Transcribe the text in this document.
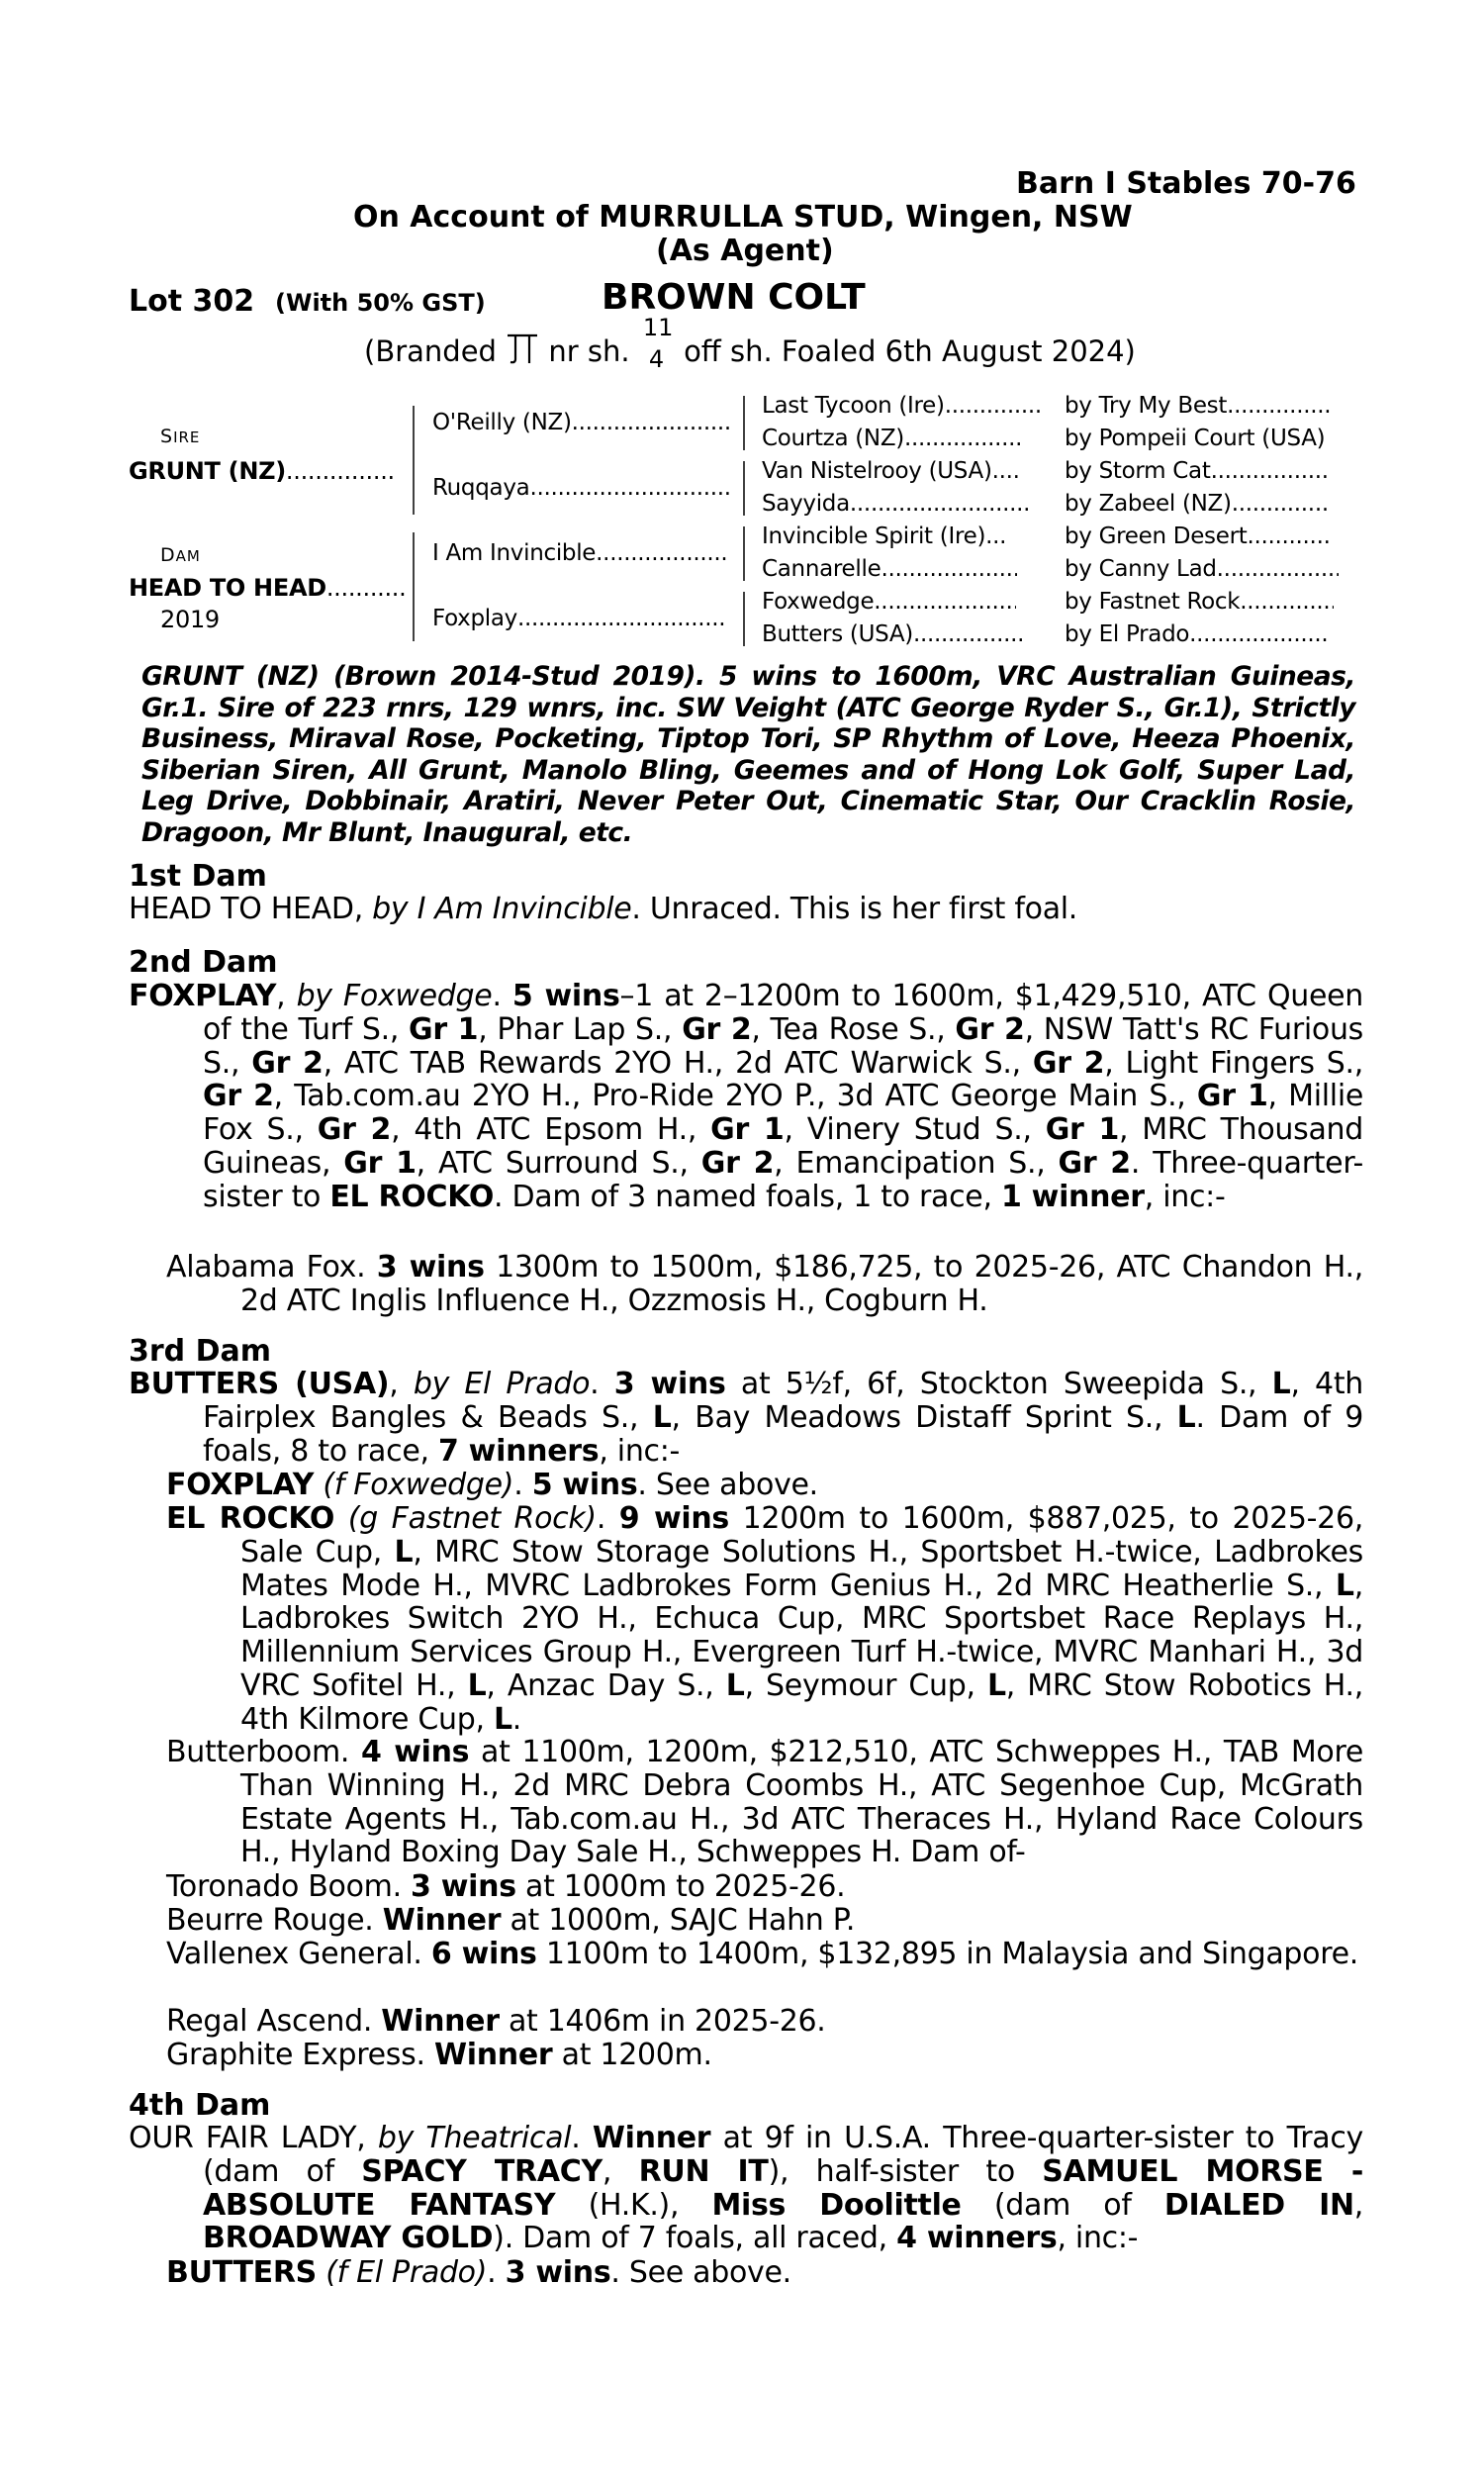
Barn I Stables 70-76
On Account of MURRULLA STUD, Wingen, NSW
(As Agent)
Lot 302 (With 50% GST)	BROWN COLT
(Branded nr sh.
11
4 off sh. Foaled 6th August 2024)
SIRE
GRUNT (NZ).....
DAM
HEAD TO HEAD.....
2019
O'Reilly (NZ).....
Ruqqaya.....
I Am Invincible.....
Foxplay.....
Last Tycoon (Ire).....
Courtza (NZ).....
Van Nistelrooy (USA).....
Sayyida.....
Invincible Spirit (Ire).....
Cannarelle.....
Foxwedge.....
Butters (USA).....
by Try My Best.....
by Pompeii Court (USA)
by Storm Cat.....
by Zabeel (NZ).....
by Green Desert.....
by Canny Lad.....
by Fastnet Rock.....
by El Prado.....
GRUNT (NZ) (Brown 2014-Stud 2019). 5 wins to 1600m, VRC Australian Guineas, Gr.1. Sire of 223 rnrs, 129 wnrs, inc. SW Veight (ATC George Ryder S., Gr.1), Strictly Business, Miraval Rose, Pocketing, Tiptop Tori, SP Rhythm of Love, Heeza Phoenix, Siberian Siren, All Grunt, Manolo Bling, Geemes and of Hong Lok Golf, Super Lad, Leg Drive, Dobbinair, Aratiri, Never Peter Out, Cinematic Star, Our Cracklin Rosie, Dragoon, Mr Blunt, Inaugural, etc.
1st Dam
HEAD TO HEAD, by I Am Invincible. Unraced. This is her first foal.
2nd Dam
FOXPLAY, by Foxwedge. 5 wins–1 at 2–1200m to 1600m, $1,429,510, ATC Queen of the Turf S., Gr 1, Phar Lap S., Gr 2, Tea Rose S., Gr 2, NSW Tatt's RC Furious S., Gr 2, ATC TAB Rewards 2YO H., 2d ATC Warwick S., Gr 2, Light Fingers S., Gr 2, Tab.com.au 2YO H., Pro-Ride 2YO P., 3d ATC George Main S., Gr 1, Millie Fox S., Gr 2, 4th ATC Epsom H., Gr 1, Vinery Stud S., Gr 1, MRC Thousand Guineas, Gr 1, ATC Surround S., Gr 2, Emancipation S., Gr 2. Three-quarter-sister to EL ROCKO. Dam of 3 named foals, 1 to race, 1 winner, inc:-
Alabama Fox. 3 wins 1300m to 1500m, $186,725, to 2025-26, ATC Chandon H., 2d ATC Inglis Influence H., Ozzmosis H., Cogburn H.
3rd Dam
BUTTERS (USA), by El Prado. 3 wins at 5½f, 6f, Stockton Sweepida S., L, 4th Fairplex Bangles & Beads S., L, Bay Meadows Distaff Sprint S., L. Dam of 9 foals, 8 to race, 7 winners, inc:-
FOXPLAY (f Foxwedge). 5 wins. See above.
EL ROCKO (g Fastnet Rock). 9 wins 1200m to 1600m, $887,025, to 2025-26, Sale Cup, L, MRC Stow Storage Solutions H., Sportsbet H.-twice, Ladbrokes Mates Mode H., MVRC Ladbrokes Form Genius H., 2d MRC Heatherlie S., L, Ladbrokes Switch 2YO H., Echuca Cup, MRC Sportsbet Race Replays H., Millennium Services Group H., Evergreen Turf H.-twice, MVRC Manhari H., 3d VRC Sofitel H., L, Anzac Day S., L, Seymour Cup, L, MRC Stow Robotics H., 4th Kilmore Cup, L.
Butterboom. 4 wins at 1100m, 1200m, $212,510, ATC Schweppes H., TAB More Than Winning H., 2d MRC Debra Coombs H., ATC Segenhoe Cup, McGrath Estate Agents H., Tab.com.au H., 3d ATC Theraces H., Hyland Race Colours H., Hyland Boxing Day Sale H., Schweppes H. Dam of-
Toronado Boom. 3 wins at 1000m to 2025-26.
Beurre Rouge. Winner at 1000m, SAJC Hahn P.
Vallenex General. 6 wins 1100m to 1400m, $132,895 in Malaysia and Singapore.
Regal Ascend. Winner at 1406m in 2025-26.
Graphite Express. Winner at 1200m.
4th Dam
OUR FAIR LADY, by Theatrical. Winner at 9f in U.S.A. Three-quarter-sister to Tracy (dam of SPACY TRACY, RUN IT), half-sister to SAMUEL MORSE - ABSOLUTE FANTASY (H.K.), Miss Doolittle (dam of DIALED IN, BROADWAY GOLD). Dam of 7 foals, all raced, 4 winners, inc:-
BUTTERS (f El Prado). 3 wins. See above.
